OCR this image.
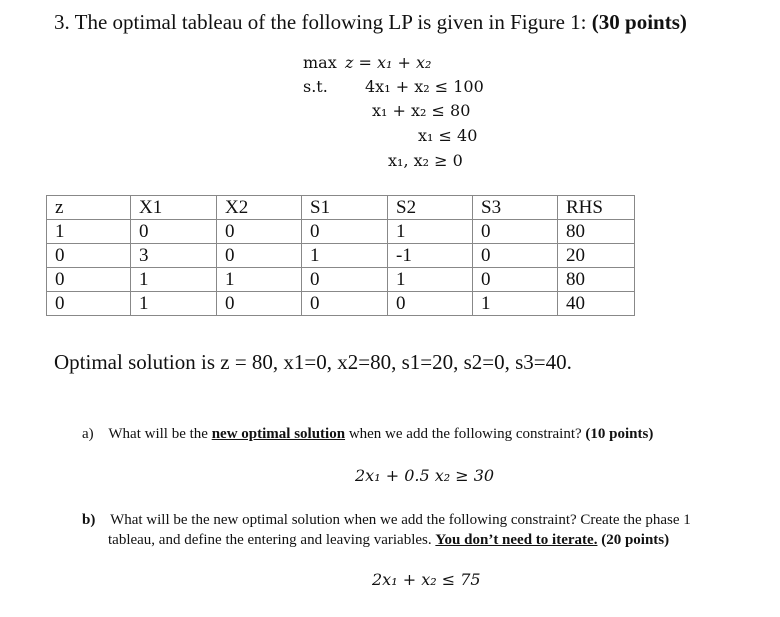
3. The optimal tableau of the following LP is given in Figure 1: (30 points)
max z = x₁ + x₂
s.t. 4x₁ + x₂ ≤ 100
x₁ + x₂ ≤ 80
x₁ ≤ 40
x₁, x₂ ≥ 0
z	X1	X2	S1	S2	S3	RHS
1	0	0	0	1	0	80
0	3	0	1	-1	0	20
0	1	1	0	1	0	80
0	1	0	0	0	1	40
Optimal solution is z = 80, x1=0, x2=80, s1=20, s2=0, s3=40.
a) What will be the new optimal solution when we add the following constraint? (10 points)
2x₁ + 0.5 x₂ ≥ 30
b) What will be the new optimal solution when we add the following constraint? Create the phase 1
tableau, and define the entering and leaving variables. You don’t need to iterate. (20 points)
2x₁ + x₂ ≤ 75
